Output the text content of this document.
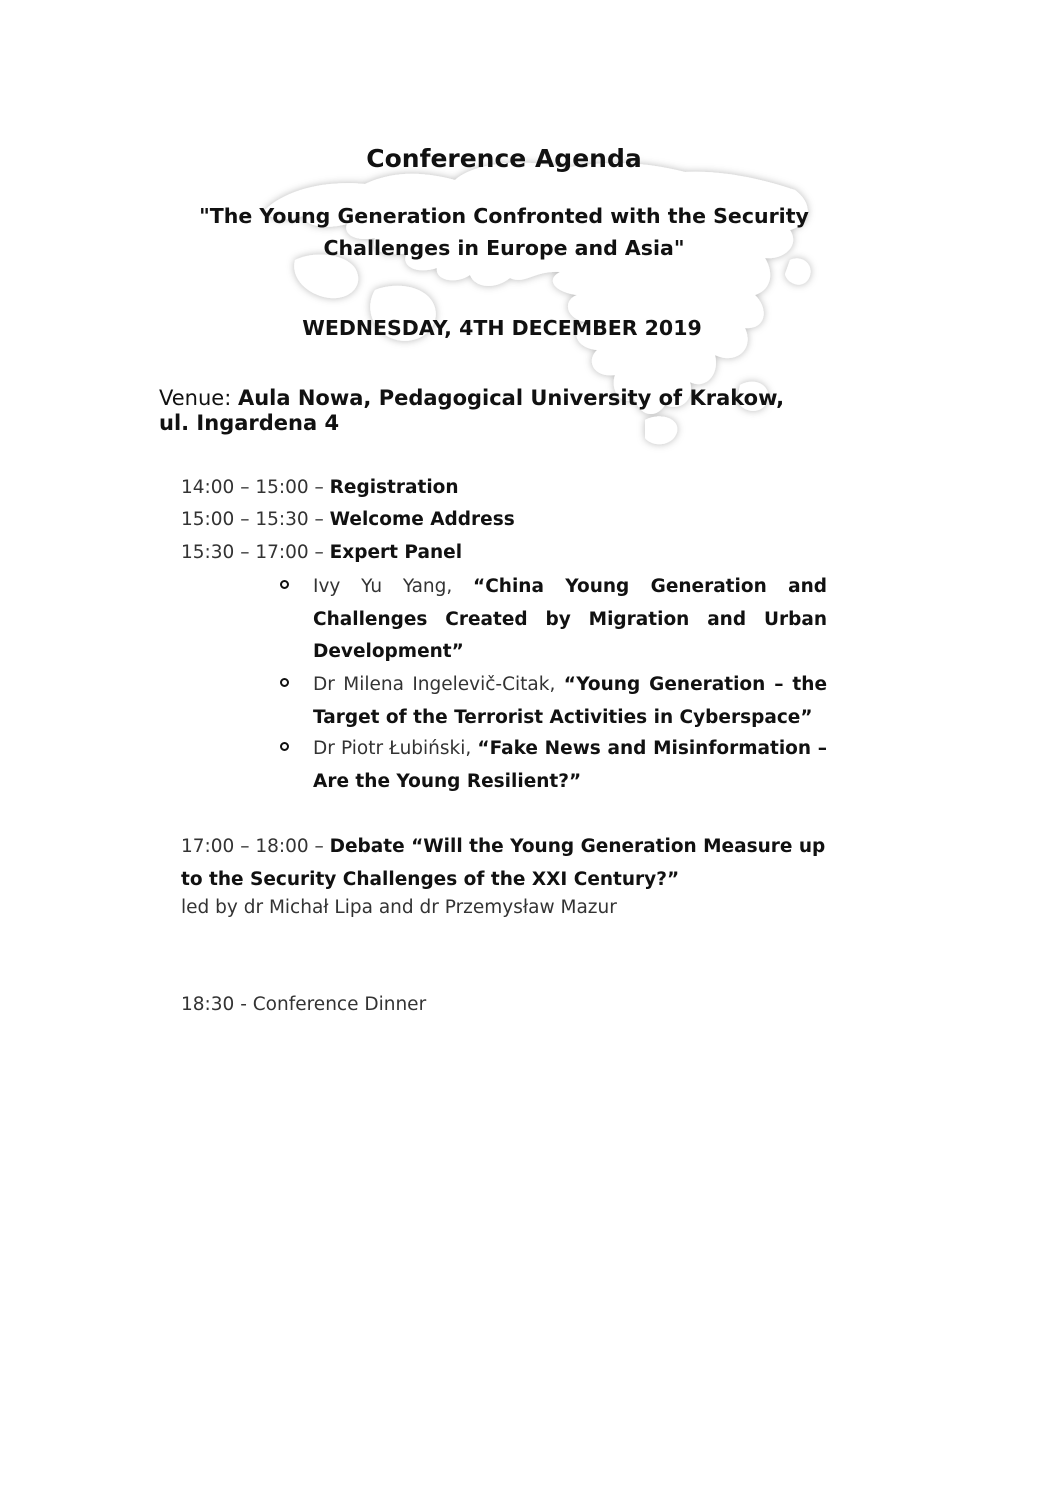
Conference Agenda
"The Young Generation Confronted with the Security
Challenges in Europe and Asia"
WEDNESDAY, 4TH DECEMBER 2019
Venue: Aula Nowa, Pedagogical University of Krakow,
ul. Ingardena 4
14:00 – 15:00 – Registration
15:00 – 15:30 – Welcome Address
15:30 – 17:00 – Expert Panel
Ivy Yu Yang, “China Young Generation and Challenges Created by Migration and Urban Development”
Dr Milena Ingelevič-Citak, “Young Generation – the Target of the Terrorist Activities in Cyberspace”
Dr Piotr Łubiński, “Fake News and Misinformation – Are the Young Resilient?”
17:00 – 18:00 – Debate “Will the Young Generation Measure up to the Security Challenges of the XXI Century?”
led by dr Michał Lipa and dr Przemysław Mazur
18:30 - Conference Dinner
